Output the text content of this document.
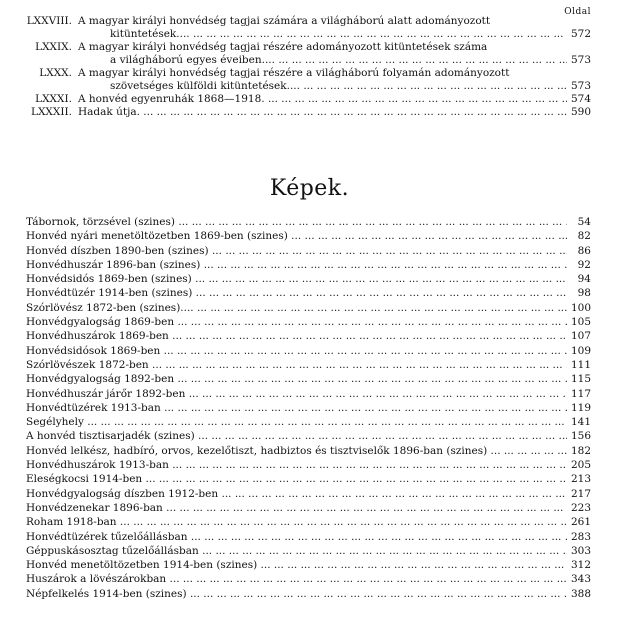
Oldal
LXXVIII. A magyar királyi honvédség tagjai számára a világháború alatt adományozott
kitüntetések.... ... .	572
LXXIX. A magyar királyi honvédség tagjai részére adományozott kitüntetések száma
a világháború egyes éveiben.... ... .	573
LXXX. A magyar királyi honvédség tagjai részére a világháború folyamán adományozott
szövetséges külföldi kitüntetések.... ... .	573
LXXXI. A honvéd egyenruhák 1868—1918. ... .	574
LXXXII. Hadak útja. ... .	590
Képek.
Tábornok, törzsével (szines) ... .	54
Honvéd nyári menetöltözetben 1869-ben (szines) ... .	82
Honvéd díszben 1890-ben (szines) ... .	86
Honvédhuszár 1896-ban (szines) ... .	92
Honvédsidós 1869-ben (szines) ... .	94
Honvédtüzér 1914-ben (szines) ... .	98
Szórlövész 1872-ben (szines).... ... .	100
Honvédgyalogság 1869-ben ... .	105
Honvédhuszárok 1869-ben ... .	107
Honvédsidósok 1869-ben ... .	109
Szórlövészek 1872-ben ... .	111
Honvédgyalogság 1892-ben ... .	115
Honvédhuszár járőr 1892-ben ... .	117
Honvédtüzérek 1913-ban ... .	119
Segélyhely ... .	141
A honvéd tisztisarjadék (szines) ... .	156
Honvéd lelkész, hadbíró, orvos, kezelőtiszt, hadbiztos és tisztviselők 1896-ban (szines) ... .	182
Honvédhuszárok 1913-ban ... .	205
Eleségkocsi 1914-ben ... .	213
Honvédgyalogság díszben 1912-ben ... .	217
Honvédzenekar 1896-ban ... .	223
Roham 1918-ban ... .	261
Honvédtüzérek tűzelőállásban ... .	283
Géppuskásosztag tűzelőállásban ... .	303
Honvéd menetöltözetben 1914-ben (szines) ... .	312
Huszárok a lövészárokban ... .	343
Népfelkelés 1914-ben (szines) ... .	388
